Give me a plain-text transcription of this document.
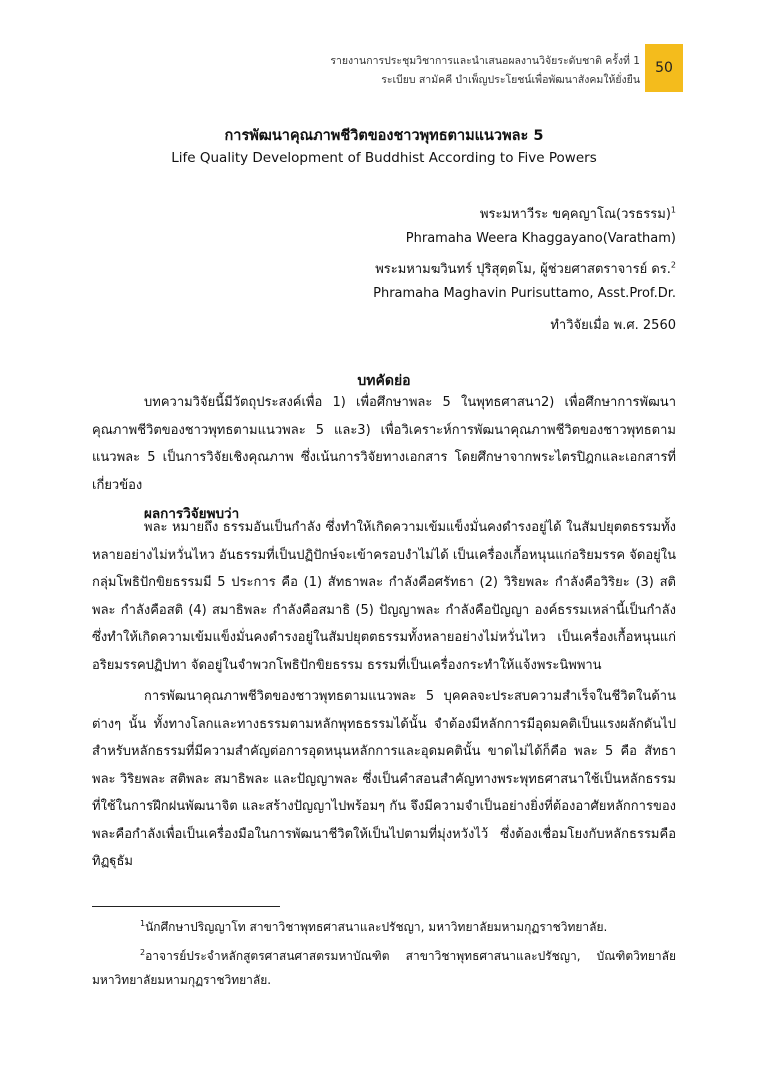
รายงานการประชุมวิชาการและนำเสนอผลงานวิจัยระดับชาติ ครั้งที่ 1
ระเบียบ สามัคคี บำเพ็ญประโยชน์เพื่อพัฒนาสังคมให้ยั่งยืน
50
การพัฒนาคุณภาพชีวิตของชาวพุทธตามแนวพละ 5
Life Quality Development of Buddhist According to Five Powers
พระมหาวีระ ขคฺคญาโณ(วรธรรม)$^1$
Phramaha Weera Khaggayano(Varatham)
พระมหามฆวินทร์ ปุริสุตฺตโม, ผู้ช่วยศาสตราจารย์ ดร.$^2$
Phramaha Maghavin Purisuttamo, Asst.Prof.Dr.
ทำวิจัยเมื่อ พ.ศ. 2560
บทคัดย่อ

บทความวิจัยนี้มีวัตถุประสงค์เพื่อ 1) เพื่อศึกษาพละ 5 ในพุทธศาสนา2) เพื่อศึกษาการพัฒนาคุณภาพชีวิตของชาวพุทธตามแนวพละ 5 และ3) เพื่อวิเคราะห์การพัฒนาคุณภาพชีวิตของชาวพุทธตามแนวพละ 5 เป็นการวิจัยเชิงคุณภาพ ซึ่งเน้นการวิจัยทางเอกสาร โดยศึกษาจากพระไตรปิฎกและเอกสารที่เกี่ยวข้อง

ผลการวิจัยพบว่า

พละ หมายถึง ธรรมอันเป็นกำลัง ซึ่งทำให้เกิดความเข้มแข็งมั่นคงดำรงอยู่ได้ ในสัมปยุตตธรรมทั้งหลายอย่างไม่หวั่นไหว อันธรรมที่เป็นปฏิปักษ์จะเข้าครอบงำไม่ได้ เป็นเครื่องเกื้อหนุนแก่อริยมรรค จัดอยู่ในกลุ่มโพธิปักขิยธรรมมี 5 ประการ คือ (1) สัทธาพละ กำลังคือศรัทธา (2) วิริยพละ กำลังคือวิริยะ (3) สติพละ กำลังคือสติ (4) สมาธิพละ กำลังคือสมาธิ (5) ปัญญาพละ กำลังคือปัญญา องค์ธรรมเหล่านี้เป็นกำลังซึ่งทำให้เกิดความเข้มแข็งมั่นคงดำรงอยู่ในสัมปยุตตธรรมทั้งหลายอย่างไม่หวั่นไหว เป็นเครื่องเกื้อหนุนแก่อริยมรรคปฏิปทา จัดอยู่ในจำพวกโพธิปักขิยธรรม ธรรมที่เป็นเครื่องกระทำให้แจ้งพระนิพพาน

การพัฒนาคุณภาพชีวิตของชาวพุทธตามแนวพละ 5 บุคคลจะประสบความสำเร็จในชีวิตในด้านต่างๆ นั้น ทั้งทางโลกและทางธรรมตามหลักพุทธธรรมได้นั้น จำต้องมีหลักการมีอุดมคติเป็นแรงผลักดันไปสำหรับหลักธรรมที่มีความสำคัญต่อการอุดหนุนหลักการและอุดมคตินั้น ขาดไม่ได้ก็คือ พละ 5 คือ สัทธาพละ วิริยพละ สติพละ สมาธิพละ และปัญญาพละ ซึ่งเป็นคำสอนสำคัญทางพระพุทธศาสนาใช้เป็นหลักธรรมที่ใช้ในการฝึกฝนพัฒนาจิต และสร้างปัญญาไปพร้อมๆ กัน จึงมีความจำเป็นอย่างยิ่งที่ต้องอาศัยหลักการของพละคือกำลังเพื่อเป็นเครื่องมือในการพัฒนาชีวิตให้เป็นไปตามที่มุ่งหวังไว้ ซึ่งต้องเชื่อมโยงกับหลักธรรมคือ ทิฏฐุธัม

$^1$นักศึกษาปริญญาโท สาขาวิชาพุทธศาสนาและปรัชญา, มหาวิทยาลัยมหามกุฏราชวิทยาลัย.
$^2$อาจารย์ประจำหลักสูตรศาสนศาสตรมหาบัณฑิต สาขาวิชาพุทธศาสนาและปรัชญา, บัณฑิตวิทยาลัย มหาวิทยาลัยมหามกุฏราชวิทยาลัย.
